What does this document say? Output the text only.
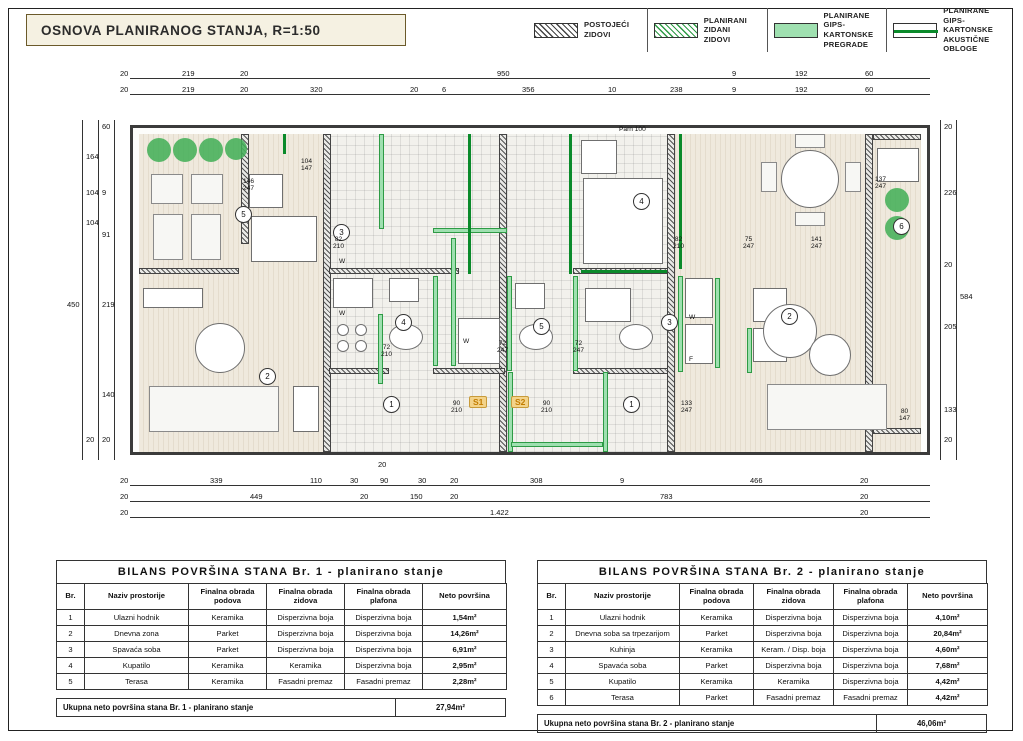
OSNOVA PLANIRANOG STANJA, R=1:50	POSTOJEĆI
ZIDOVI
PLANIRANI
ZIDANI
ZIDOVI
PLANIRANE
GIPS-KARTONSKE
PREGRADE
PLANIRANE
GIPS-KARTONSKE
AKUSTIČNE OBLOGE
20	219	20	950	9	192	60
20	219	20	320	20	6	356	10	238	9	192	60
60
164
9
91
219
140
20
450
104
104
20
20
226
20
205
133
20
584
20	339	110	30	90	30	20	308	9	466	20
20
20	449	20	150	20	783	20
20	1.422	20
5
3
2
4
1
4
6
2
3
1
5
S1	S2
104
147
146
247
82
210
72
210
90
210
90
210
72
247
72
247
75
247
141
247
137
247
82
210
133
247	80
147
Parn 100
W
W
W
W
F
BILANS POVRŠINA STANA Br. 1 - planirano stanje
Br.	Naziv prostorije	Finalna obrada podova	Finalna obrada zidova	Finalna obrada plafona	Neto površina
1	Ulazni hodnik	Keramika	Disperzivna boja	Disperzivna boja	1,54m²
2	Dnevna zona	Parket	Disperzivna boja	Disperzivna boja	14,26m²
3	Spavaća soba	Parket	Disperzivna boja	Disperzivna boja	6,91m²
4	Kupatilo	Keramika	Keramika	Disperzivna boja	2,95m²
5	Terasa	Keramika	Fasadni premaz	Fasadni premaz	2,28m²
Ukupna neto površina stana Br. 1 - planirano stanje	27,94m²
BILANS POVRŠINA STANA Br. 2 - planirano stanje
Br.	Naziv prostorije	Finalna obrada podova	Finalna obrada zidova	Finalna obrada plafona	Neto površina
1	Ulazni hodnik	Keramika	Disperzivna boja	Disperzivna boja	4,10m²
2	Dnevna soba sa trpezarijom	Parket	Disperzivna boja	Disperzivna boja	20,84m²
3	Kuhinja	Keramika	Keram. / Disp. boja	Disperzivna boja	4,60m²
4	Spavaća soba	Parket	Disperzivna boja	Disperzivna boja	7,68m²
5	Kupatilo	Keramika	Keramika	Disperzivna boja	4,42m²
6	Terasa	Parket	Fasadni premaz	Fasadni premaz	4,42m²
Ukupna neto površina stana Br. 2 - planirano stanje	46,06m²
